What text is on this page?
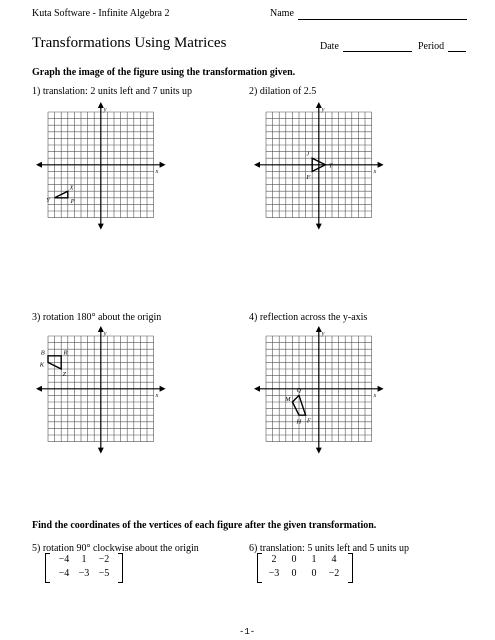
Kuta Software - Infinite Algebra 2	Name
Transformations Using Matrices	Date	Period
Graph the image of the figure using the transformation given.
1) translation: 2 units left and 7 units up	2) dilation of 2.5
3) rotation 180° about the origin	4) reflection across the y-axis
x
y
X
P
Y
x
y
T
F
J
x
y
B	R
Z
K
x
y
Q
M
H F
Find the coordinates of the vertices of each figure after the given transformation.
5) rotation 90° clockwise about the origin	6) translation: 5 units left and 5 units up
−4	1	−2
−4 −3 −5
2	0	1	4
−3	0	0	−2
-1-
